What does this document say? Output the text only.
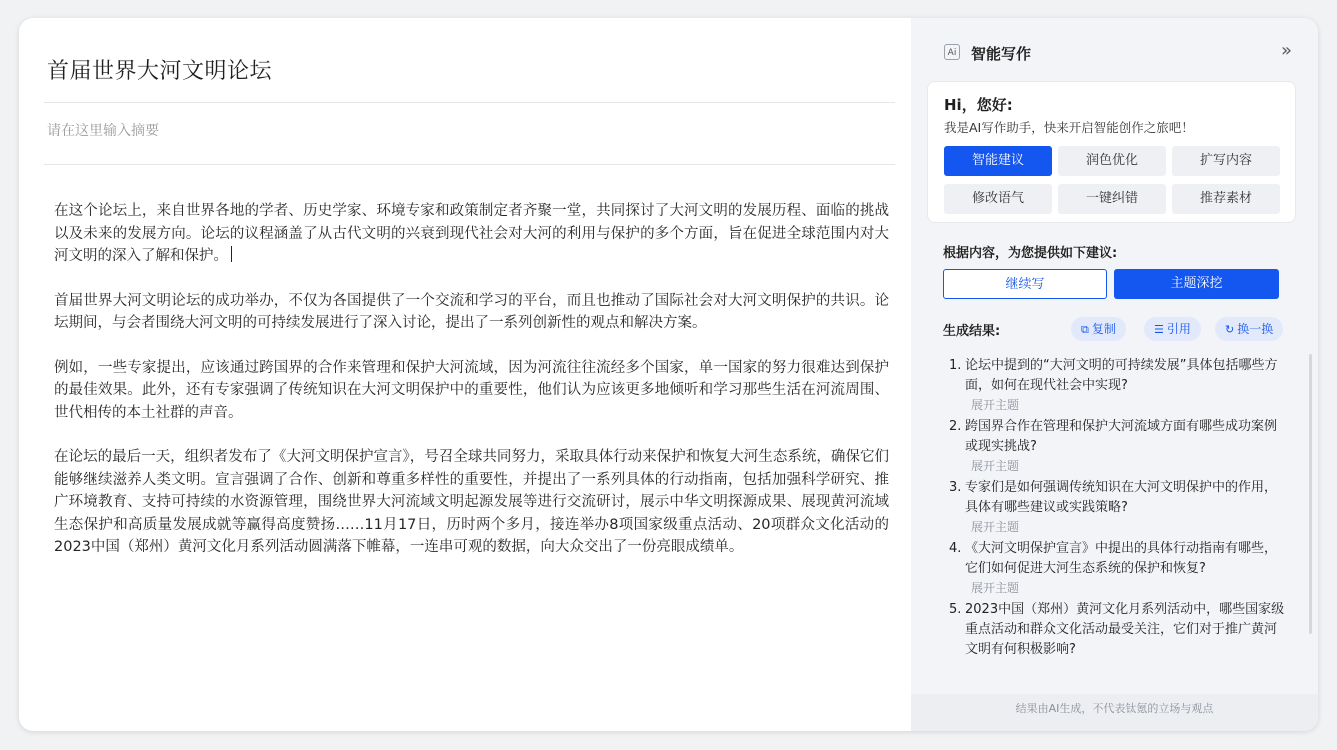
首届世界大河文明论坛
请在这里输入摘要

在这个论坛上，来自世界各地的学者、历史学家、环境专家和政策制定者齐聚一堂，共同探讨了大河文明的发展历程、面临的挑战以及未来的发展方向。论坛的议程涵盖了从古代文明的兴衰到现代社会对大河的利用与保护的多个方面，旨在促进全球范围内对大河文明的深入了解和保护。

首届世界大河文明论坛的成功举办，不仅为各国提供了一个交流和学习的平台，而且也推动了国际社会对大河文明保护的共识。论坛期间，与会者围绕大河文明的可持续发展进行了深入讨论，提出了一系列创新性的观点和解决方案。

例如，一些专家提出，应该通过跨国界的合作来管理和保护大河流域，因为河流往往流经多个国家，单一国家的努力很难达到保护的最佳效果。此外，还有专家强调了传统知识在大河文明保护中的重要性，他们认为应该更多地倾听和学习那些生活在河流周围、世代相传的本土社群的声音。

在论坛的最后一天，组织者发布了《大河文明保护宣言》，号召全球共同努力，采取具体行动来保护和恢复大河生态系统，确保它们能够继续滋养人类文明。宣言强调了合作、创新和尊重多样性的重要性，并提出了一系列具体的行动指南，包括加强科学研究、推广环境教育、支持可持续的水资源管理，围绕世界大河流域文明起源发展等进行交流研讨，展示中华文明探源成果、展现黄河流域生态保护和高质量发展成就等赢得高度赞扬……11月17日，历时两个多月，接连举办8项国家级重点活动、20项群众文化活动的2023中国（郑州）黄河文化月系列活动圆满落下帷幕，一连串可观的数据，向大众交出了一份亮眼成绩单。

Ai 智能写作	»
Hi，您好:
我是AI写作助手，快来开启智能创作之旅吧！
智能建议	润色优化	扩写内容
修改语气	一键纠错	推荐素材
根据内容，为您提供如下建议:
继续写	主题深挖
生成结果:	⧉ 复制	☰ 引用	↻ 换一换
1. 论坛中提到的“大河文明的可持续发展”具体包括哪些方面，如何在现代社会中实现?
展开主题
2. 跨国界合作在管理和保护大河流域方面有哪些成功案例或现实挑战?
展开主题
3. 专家们是如何强调传统知识在大河文明保护中的作用，具体有哪些建议或实践策略?
展开主题
4. 《大河文明保护宣言》中提出的具体行动指南有哪些，它们如何促进大河生态系统的保护和恢复?
展开主题
5. 2023中国（郑州）黄河文化月系列活动中，哪些国家级重点活动和群众文化活动最受关注，它们对于推广黄河文明有何积极影响?
结果由AI生成，不代表钛氪的立场与观点
